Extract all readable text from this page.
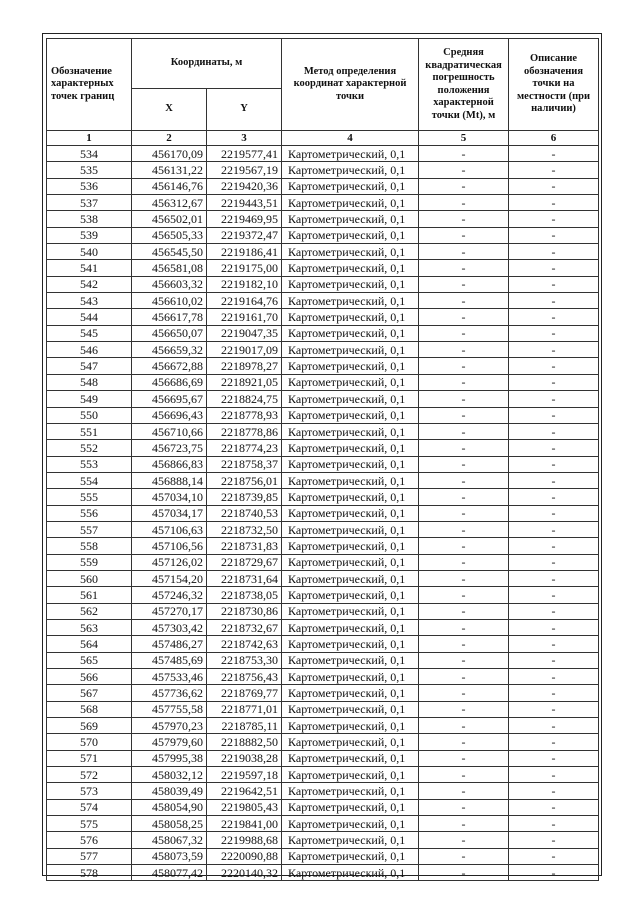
Обозначение характерных точек границ	Координаты, м		Метод определения координат характерной точки	Средняя квадратическая погрешность положения характерной точки (Mt), м	Описание обозначения точки на местности (при наличии)
	X	Y			
1	2	3	4	5	6
534	456170,09	2219577,41	Картометрический, 0,1	-	-
535	456131,22	2219567,19	Картометрический, 0,1	-	-
536	456146,76	2219420,36	Картометрический, 0,1	-	-
537	456312,67	2219443,51	Картометрический, 0,1	-	-
538	456502,01	2219469,95	Картометрический, 0,1	-	-
539	456505,33	2219372,47	Картометрический, 0,1	-	-
540	456545,50	2219186,41	Картометрический, 0,1	-	-
541	456581,08	2219175,00	Картометрический, 0,1	-	-
542	456603,32	2219182,10	Картометрический, 0,1	-	-
543	456610,02	2219164,76	Картометрический, 0,1	-	-
544	456617,78	2219161,70	Картометрический, 0,1	-	-
545	456650,07	2219047,35	Картометрический, 0,1	-	-
546	456659,32	2219017,09	Картометрический, 0,1	-	-
547	456672,88	2218978,27	Картометрический, 0,1	-	-
548	456686,69	2218921,05	Картометрический, 0,1	-	-
549	456695,67	2218824,75	Картометрический, 0,1	-	-
550	456696,43	2218778,93	Картометрический, 0,1	-	-
551	456710,66	2218778,86	Картометрический, 0,1	-	-
552	456723,75	2218774,23	Картометрический, 0,1	-	-
553	456866,83	2218758,37	Картометрический, 0,1	-	-
554	456888,14	2218756,01	Картометрический, 0,1	-	-
555	457034,10	2218739,85	Картометрический, 0,1	-	-
556	457034,17	2218740,53	Картометрический, 0,1	-	-
557	457106,63	2218732,50	Картометрический, 0,1	-	-
558	457106,56	2218731,83	Картометрический, 0,1	-	-
559	457126,02	2218729,67	Картометрический, 0,1	-	-
560	457154,20	2218731,64	Картометрический, 0,1	-	-
561	457246,32	2218738,05	Картометрический, 0,1	-	-
562	457270,17	2218730,86	Картометрический, 0,1	-	-
563	457303,42	2218732,67	Картометрический, 0,1	-	-
564	457486,27	2218742,63	Картометрический, 0,1	-	-
565	457485,69	2218753,30	Картометрический, 0,1	-	-
566	457533,46	2218756,43	Картометрический, 0,1	-	-
567	457736,62	2218769,77	Картометрический, 0,1	-	-
568	457755,58	2218771,01	Картометрический, 0,1	-	-
569	457970,23	2218785,11	Картометрический, 0,1	-	-
570	457979,60	2218882,50	Картометрический, 0,1	-	-
571	457995,38	2219038,28	Картометрический, 0,1	-	-
572	458032,12	2219597,18	Картометрический, 0,1	-	-
573	458039,49	2219642,51	Картометрический, 0,1	-	-
574	458054,90	2219805,43	Картометрический, 0,1	-	-
575	458058,25	2219841,00	Картометрический, 0,1	-	-
576	458067,32	2219988,68	Картометрический, 0,1	-	-
577	458073,59	2220090,88	Картометрический, 0,1	-	-
578	458077,42	2220140,32	Картометрический, 0,1	-	-
